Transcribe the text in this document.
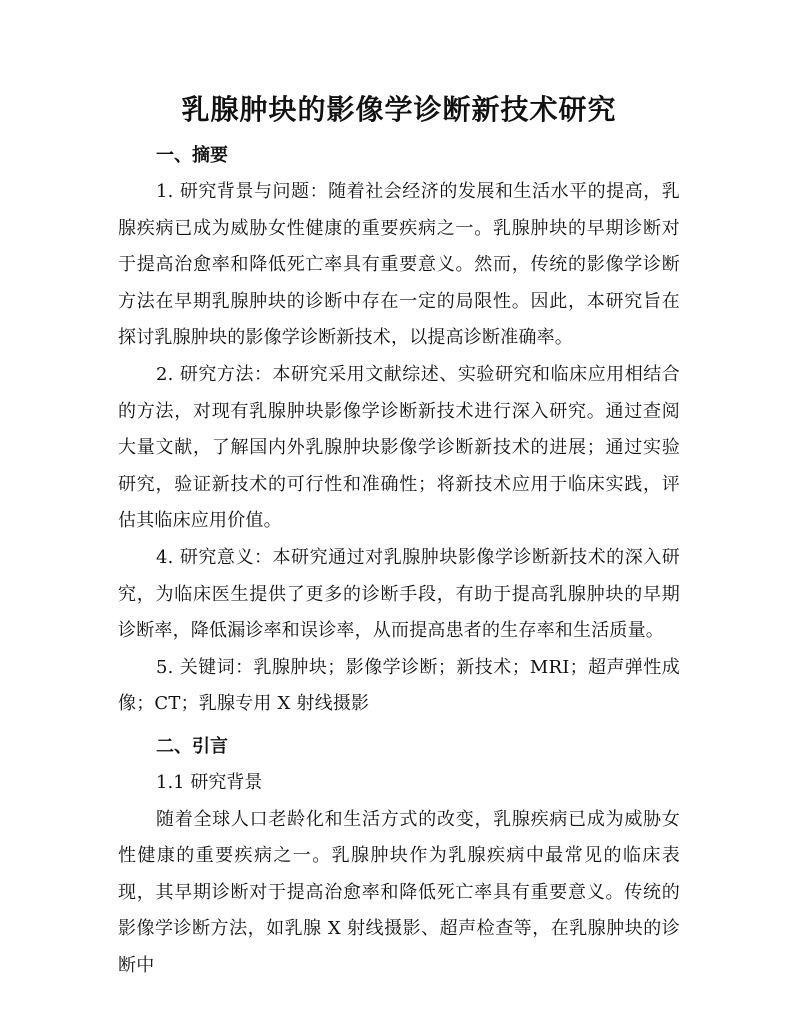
乳腺肿块的影像学诊断新技术研究
一、摘要

1. 研究背景与问题：随着社会经济的发展和生活水平的提高，乳腺疾病已成为威胁女性健康的重要疾病之一。乳腺肿块的早期诊断对于提高治愈率和降低死亡率具有重要意义。然而，传统的影像学诊断方法在早期乳腺肿块的诊断中存在一定的局限性。因此，本研究旨在探讨乳腺肿块的影像学诊断新技术，以提高诊断准确率。

2. 研究方法：本研究采用文献综述、实验研究和临床应用相结合的方法，对现有乳腺肿块影像学诊断新技术进行深入研究。通过查阅大量文献，了解国内外乳腺肿块影像学诊断新技术的进展；通过实验研究，验证新技术的可行性和准确性；将新技术应用于临床实践，评估其临床应用价值。

4. 研究意义：本研究通过对乳腺肿块影像学诊断新技术的深入研究，为临床医生提供了更多的诊断手段，有助于提高乳腺肿块的早期诊断率，降低漏诊率和误诊率，从而提高患者的生存率和生活质量。

5. 关键词：乳腺肿块；影像学诊断；新技术；MRI；超声弹性成像；CT；乳腺专用 X 射线摄影

二、引言

1.1 研究背景

随着全球人口老龄化和生活方式的改变，乳腺疾病已成为威胁女性健康的重要疾病之一。乳腺肿块作为乳腺疾病中最常见的临床表现，其早期诊断对于提高治愈率和降低死亡率具有重要意义。传统的影像学诊断方法，如乳腺 X 射线摄影、超声检查等，在乳腺肿块的诊断中
